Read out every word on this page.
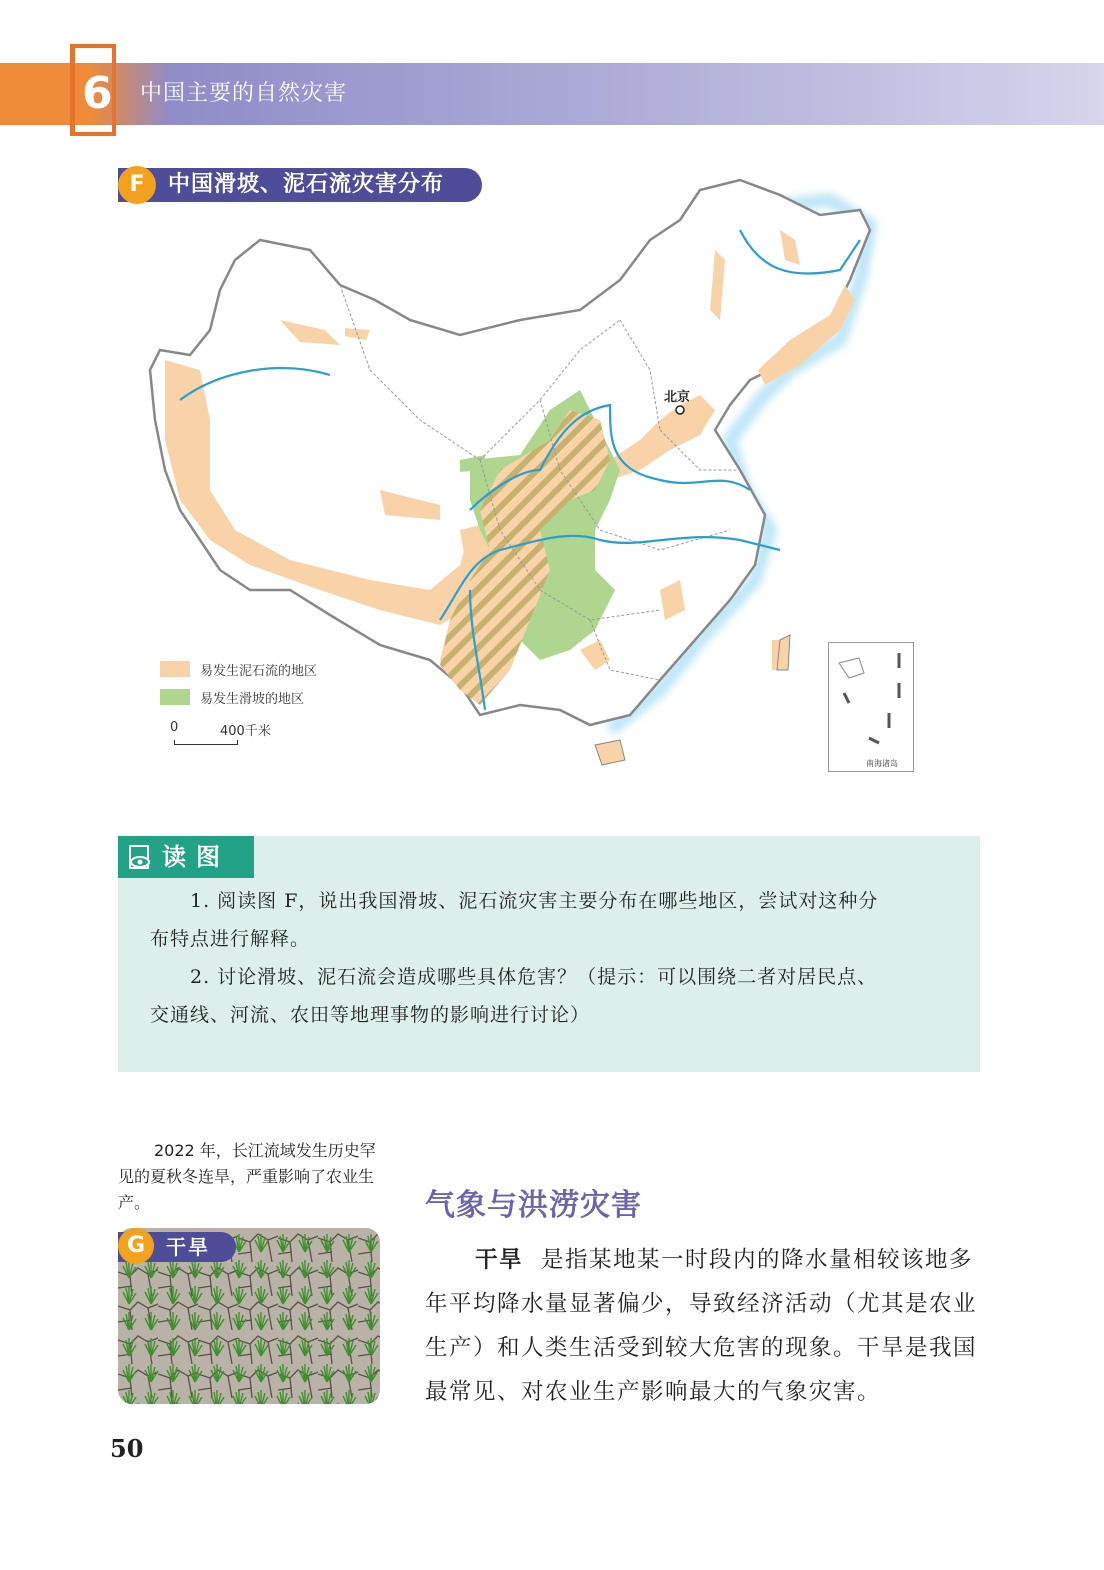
6 中国主要的自然灾害
中国滑坡、泥石流灾害分布
F
北京
易发生泥石流的地区
易发生滑坡的地区
0	400千米
南海诸岛
读图
1. 阅读图 F，说出我国滑坡、泥石流灾害主要分布在哪些地区，尝试对这种分
布特点进行解释。
2. 讨论滑坡、泥石流会造成哪些具体危害？（提示：可以围绕二者对居民点、
交通线、河流、农田等地理事物的影响进行讨论）
2022 年，长江流域发生历史罕见的夏秋冬连旱，严重影响了农业生产。
干旱
G
气象与洪涝灾害
干旱 是指某地某一时段内的降水量相较该地多年平均降水量显著偏少，导致经济活动（尤其是农业生产）和人类生活受到较大危害的现象。干旱是我国最常见、对农业生产影响最大的气象灾害。
50
